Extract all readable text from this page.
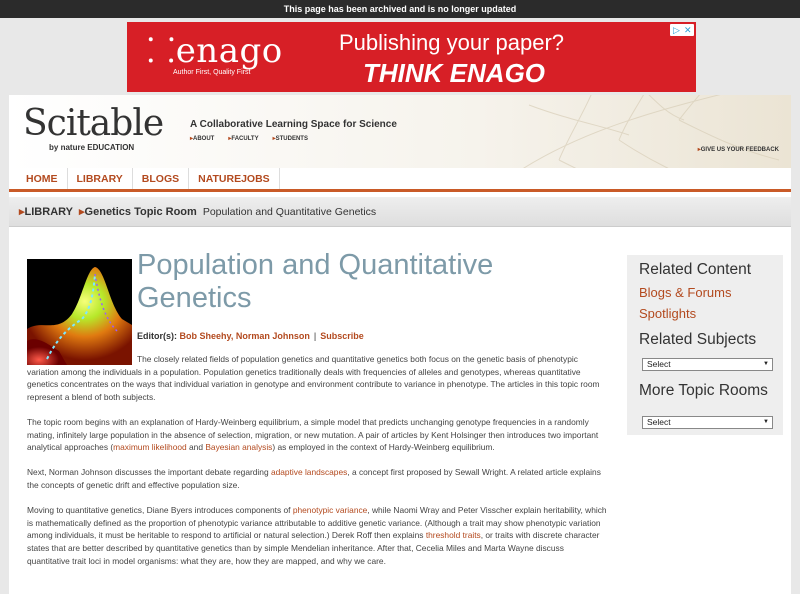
This page has been archived and is no longer updated
⸬enago
Author First, Quality First
Publishing your paper?
THINK ENAGO
▷ ✕
Scitable
by nature EDUCATION
A Collaborative Learning Space for Science
▸ ABOUT	▸ FACULTY	▸ STUDENTS
▸ GIVE US YOUR FEEDBACK
HOME	LIBRARY	BLOGS	NATUREJOBS
▸ LIBRARY	▸ Genetics Topic Room Population and Quantitative Genetics
Population and Quantitative Genetics
Editor(s): Bob Sheehy, Norman Johnson | Subscribe

The closely related fields of population genetics and quantitative genetics both focus on the genetic basis of phenotypic variation among the individuals in a population. Population genetics traditionally deals with frequencies of alleles and genotypes, whereas quantitative genetics concentrates on the ways that individual variation in genotype and environment contribute to variance in phenotype. The articles in this topic room represent a blend of both subjects.

The topic room begins with an explanation of Hardy-Weinberg equilibrium, a simple model that predicts unchanging genotype frequencies in a randomly mating, infinitely large population in the absence of selection, migration, or new mutation. A pair of articles by Kent Holsinger then introduces two important analytical approaches (maximum likelihood and Bayesian analysis) as employed in the context of Hardy-Weinberg equilibrium.

Next, Norman Johnson discusses the important debate regarding adaptive landscapes, a concept first proposed by Sewall Wright. A related article explains the concepts of genetic drift and effective population size.

Moving to quantitative genetics, Diane Byers introduces components of phenotypic variance, while Naomi Wray and Peter Visscher explain heritability, which is mathematically defined as the proportion of phenotypic variance attributable to additive genetic variance. (Although a trait may show phenotypic variation among individuals, it must be heritable to respond to artificial or natural selection.) Derek Roff then explains threshold traits, or traits with discrete character states that are better described by quantitative genetics than by simple Mendelian inheritance. After that, Cecelia Miles and Marta Wayne discuss quantitative trait loci in model organisms: what they are, how they are mapped, and why we care.

Related Content
Blogs & Forums
Spotlights
Related Subjects
Select ▼
More Topic Rooms
Select ▼
